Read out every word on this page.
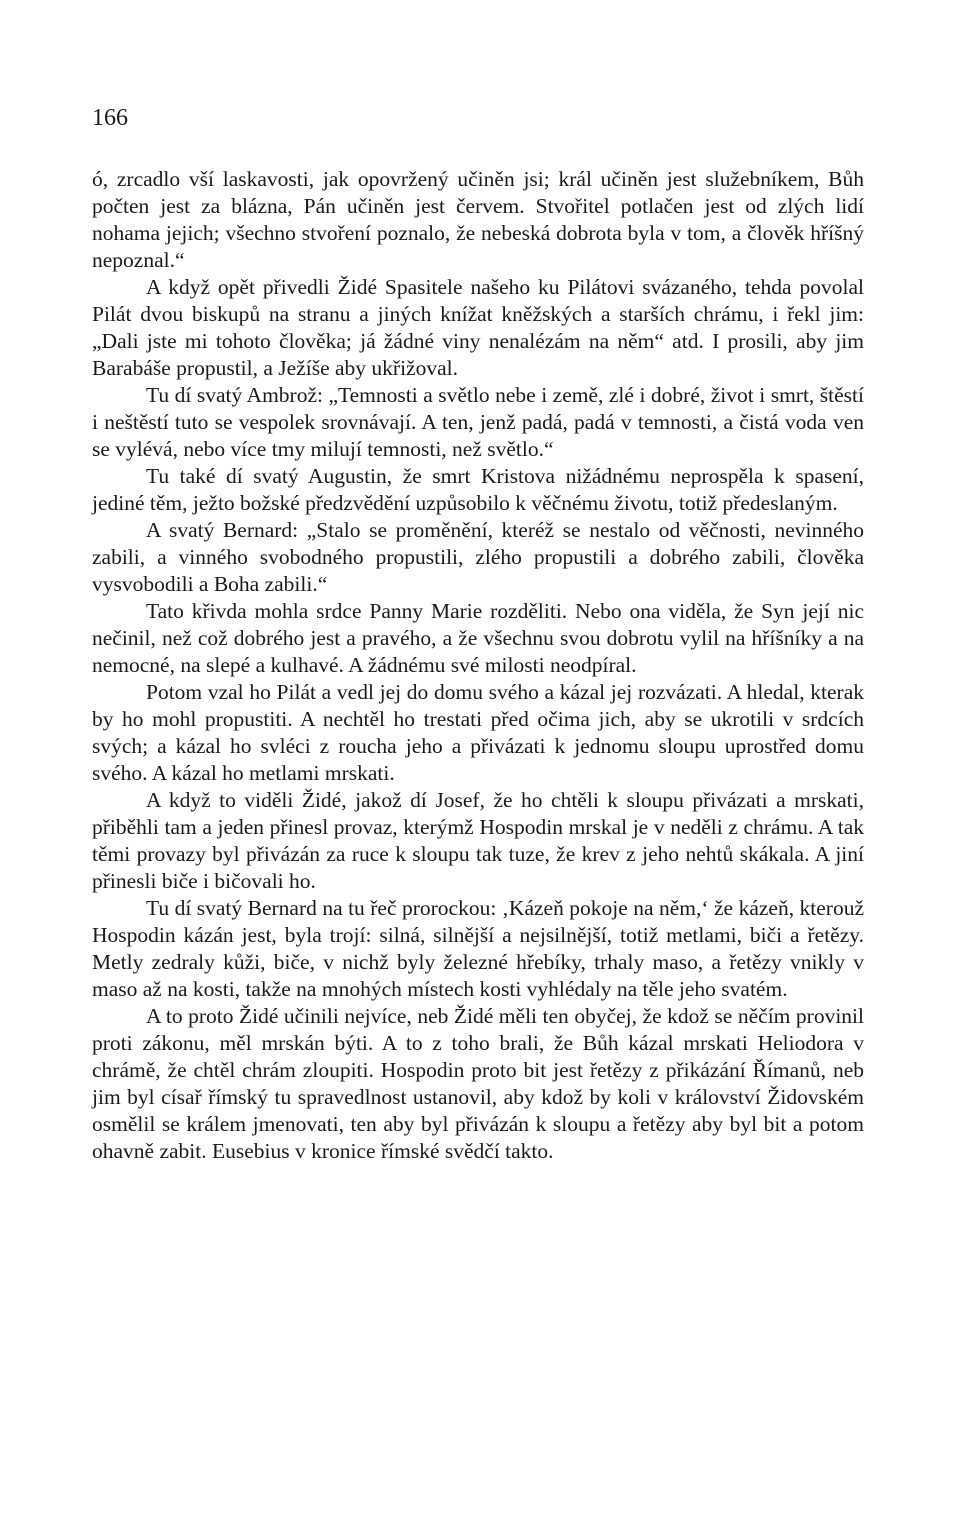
166

ó, zrcadlo vší laskavosti, jak opovržený učiněn jsi; král učiněn jest služebníkem, Bůh počten jest za blázna, Pán učiněn jest červem. Stvořitel potlačen jest od zlých lidí nohama jejich; všechno stvoření poznalo, že nebeská dobrota byla v tom, a člověk hříšný nepoznal.“

A když opět přivedli Židé Spasitele našeho ku Pilátovi svázaného, tehda povolal Pilát dvou biskupů na stranu a jiných knížat kněžských a starších chrámu, i řekl jim: „Dali jste mi tohoto člověka; já žádné viny nenalézám na něm“ atd. I prosili, aby jim Barabáše propustil, a Ježíše aby ukřižoval.

Tu dí svatý Ambrož: „Temnosti a světlo nebe i země, zlé i dobré, život i smrt, štěstí i neštěstí tuto se vespolek srovnávají. A ten, jenž padá, padá v temnosti, a čistá voda ven se vylévá, nebo více tmy milují temnosti, než světlo.“

Tu také dí svatý Augustin, že smrt Kristova nižádnému neprospěla k spasení, jediné těm, ježto božské předzvědění uzpůsobilo k věčnému životu, totiž předeslaným.

A svatý Bernard: „Stalo se proměnění, kteréž se nestalo od věčnosti, nevinného zabili, a vinného svobodného propustili, zlého propustili a dobrého zabili, člověka vysvobodili a Boha zabili.“

Tato křivda mohla srdce Panny Marie rozděliti. Nebo ona viděla, že Syn její nic nečinil, než což dobrého jest a pravého, a že všechnu svou dobrotu vylil na hříšníky a na nemocné, na slepé a kulhavé. A žádnému své milosti neodpíral.

Potom vzal ho Pilát a vedl jej do domu svého a kázal jej rozvázati. A hledal, kterak by ho mohl propustiti. A nechtěl ho trestati před očima jich, aby se ukrotili v srdcích svých; a kázal ho svléci z roucha jeho a přivázati k jednomu sloupu uprostřed domu svého. A kázal ho metlami mrskati.

A když to viděli Židé, jakož dí Josef, že ho chtěli k sloupu přivázati a mrskati, přiběhli tam a jeden přinesl provaz, kterýmž Hospodin mrskal je v neděli z chrámu. A tak těmi provazy byl přivázán za ruce k sloupu tak tuze, že krev z jeho nehtů skákala. A jiní přinesli biče i bičovali ho.

Tu dí svatý Bernard na tu řeč prorockou: ‚Kázeň pokoje na něm,‘ že kázeň, kterouž Hospodin kázán jest, byla trojí: silná, silnější a nejsilnější, totiž metlami, biči a řetězy. Metly zedraly kůži, biče, v nichž byly železné hřebíky, trhaly maso, a řetězy vnikly v maso až na kosti, takže na mnohých místech kosti vyhlédaly na těle jeho svatém.

A to proto Židé učinili nejvíce, neb Židé měli ten obyčej, že kdož se něčím provinil proti zákonu, měl mrskán býti. A to z toho brali, že Bůh kázal mrskati Heliodora v chrámě, že chtěl chrám zloupiti. Hospodin proto bit jest řetězy z přikázání Římanů, neb jim byl císař římský tu spravedlnost ustanovil, aby kdož by koli v království Židovském osmělil se králem jmenovati, ten aby byl přivázán k sloupu a řetězy aby byl bit a potom ohavně zabit. Eusebius v kronice římské svědčí takto.
